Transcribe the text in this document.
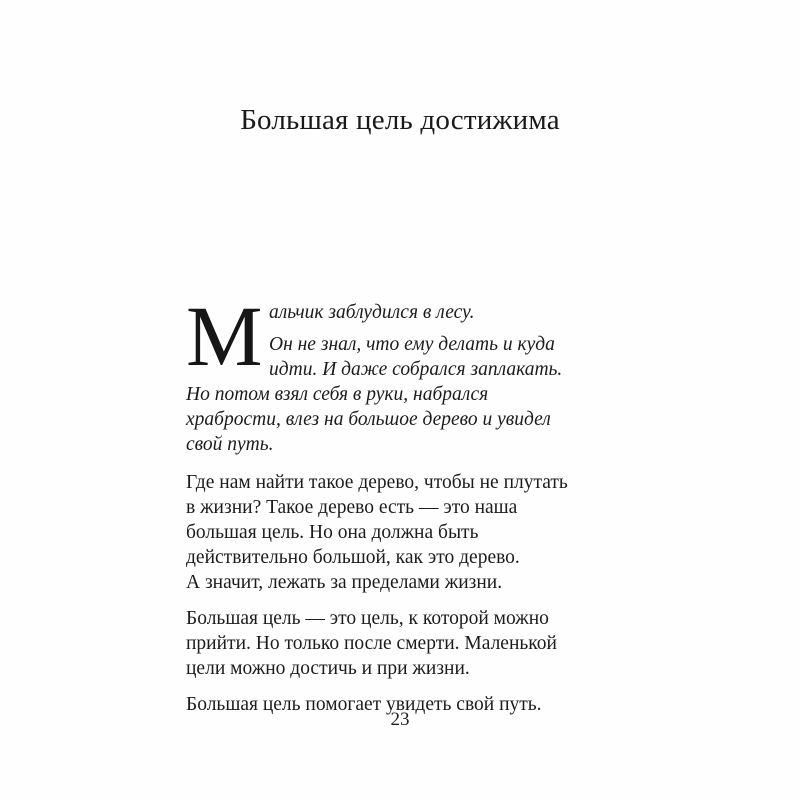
Большая цель достижима
М альчик заблудился в лесу.
Он не знал, что ему делать и куда
идти. И даже собрался заплакать.
Но потом взял себя в руки, набрался
храбрости, влез на большое дерево и увидел
свой путь.
Где нам найти такое дерево, чтобы не плутать
в жизни? Такое дерево есть — это наша
большая цель. Но она должна быть
действительно большой, как это дерево.
А значит, лежать за пределами жизни.
Большая цель — это цель, к которой можно
прийти. Но только после смерти. Маленькой
цели можно достичь и при жизни.
Большая цель помогает увидеть свой путь.
23
